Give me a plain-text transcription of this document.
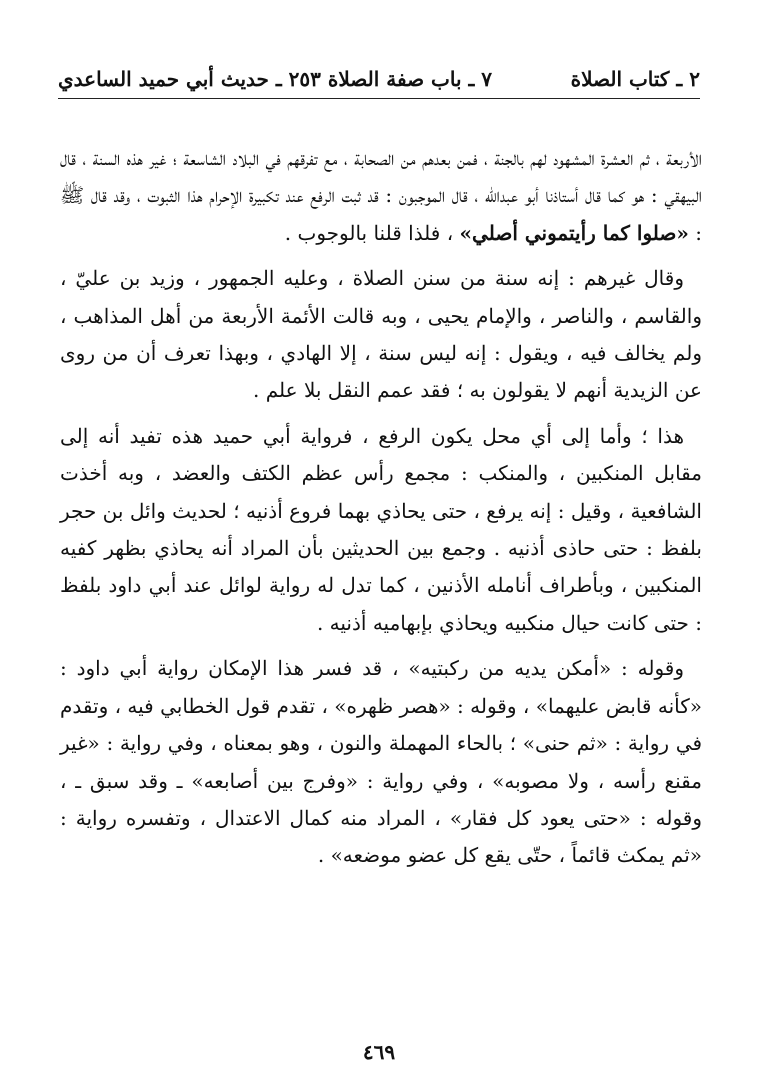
٢ ـ كتاب الصلاة
٧ ـ باب صفة الصلاة ٢٥٣ ـ حديث أبي حميد الساعدي

الأربعة ، ثم العشرة المشهود لهم بالجنة ، فمن بعدهم من الصحابة ، مع تفرقهم في البلاد الشاسعة ؛ غير هذه السنة ، قال البيهقي : هو كما قال أستاذنا أبو عبدالله ، قال الموجبون : قد ثبت الرفع عند تكبيرة الإحرام هذا الثبوت ، وقد قال ﷺ : «صلوا كما رأيتموني أصلي» ، فلذا قلنا بالوجوب .

وقال غيرهم : إنه سنة من سنن الصلاة ، وعليه الجمهور ، وزيد بن عليّ ، والقاسم ، والناصر ، والإمام يحيى ، وبه قالت الأئمة الأربعة من أهل المذاهب ، ولم يخالف فيه ، ويقول : إنه ليس سنة ، إلا الهادي ، وبهذا تعرف أن من روى عن الزيدية أنهم لا يقولون به ؛ فقد عمم النقل بلا علم .

هذا ؛ وأما إلى أي محل يكون الرفع ، فرواية أبي حميد هذه تفيد أنه إلى مقابل المنكبين ، والمنكب : مجمع رأس عظم الكتف والعضد ، وبه أخذت الشافعية ، وقيل : إنه يرفع ، حتى يحاذي بهما فروع أذنيه ؛ لحديث وائل بن حجر بلفظ : حتى حاذى أذنيه . وجمع بين الحديثين بأن المراد أنه يحاذي بظهر كفيه المنكبين ، وبأطراف أنامله الأذنين ، كما تدل له رواية لوائل عند أبي داود بلفظ : حتى كانت حيال منكبيه ويحاذي بإبهاميه أذنيه .

وقوله : «أمكن يديه من ركبتيه» ، قد فسر هذا الإمكان رواية أبي داود : «كأنه قابض عليهما» ، وقوله : «هصر ظهره» ، تقدم قول الخطابي فيه ، وتقدم في رواية : «ثم حنى» ؛ بالحاء المهملة والنون ، وهو بمعناه ، وفي رواية : «غير مقنع رأسه ، ولا مصوبه» ، وفي رواية : «وفرج بين أصابعه» ـ وقد سبق ـ ، وقوله : «حتى يعود كل فقار» ، المراد منه كمال الاعتدال ، وتفسره رواية : «ثم يمكث قائماً ، حتّى يقع كل عضو موضعه» .

٤٦٩
